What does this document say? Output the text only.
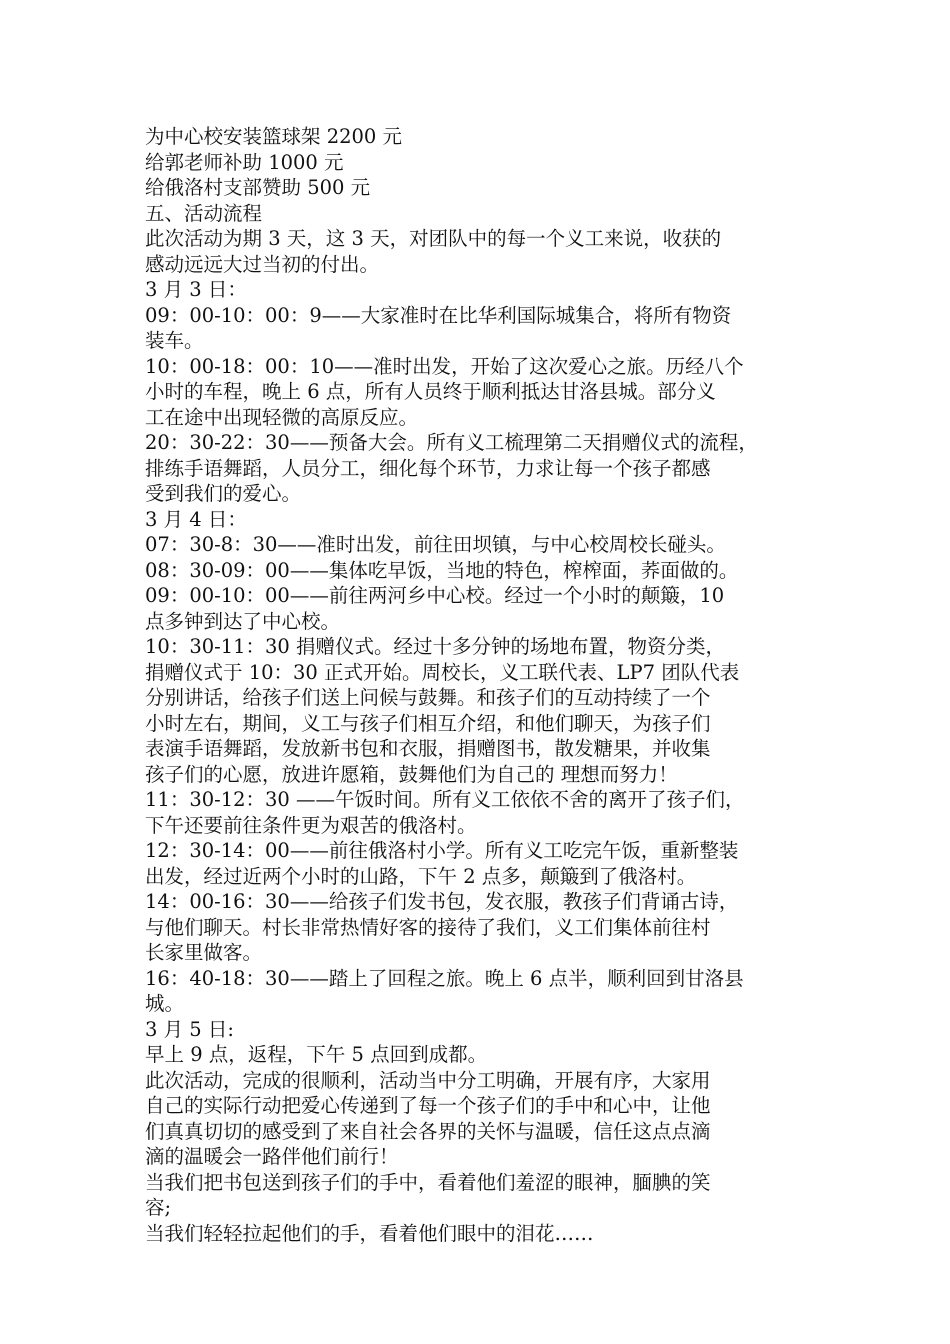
为中心校安装篮球架 2200 元
给郭老师补助 1000 元
给俄洛村支部赞助 500 元
五、活动流程
此次活动为期 3 天，这 3 天，对团队中的每一个义工来说，收获的
感动远远大过当初的付出。
3 月 3 日：
09：00-10：00：9——大家准时在比华利国际城集合，将所有物资
装车。
10：00-18：00：10——准时出发，开始了这次爱心之旅。历经八个
小时的车程，晚上 6 点，所有人员终于顺利抵达甘洛县城。部分义
工在途中出现轻微的高原反应。
20：30-22：30——预备大会。所有义工梳理第二天捐赠仪式的流程，
排练手语舞蹈，人员分工，细化每个环节，力求让每一个孩子都感
受到我们的爱心。
3 月 4 日：
07：30-8：30——准时出发，前往田坝镇，与中心校周校长碰头。
08：30-09：00——集体吃早饭，当地的特色，榨榨面，荞面做的。
09：00-10：00——前往两河乡中心校。经过一个小时的颠簸，10
点多钟到达了中心校。
10：30-11：30 捐赠仪式。经过十多分钟的场地布置，物资分类，
捐赠仪式于 10：30 正式开始。周校长，义工联代表、LP7 团队代表
分别讲话，给孩子们送上问候与鼓舞。和孩子们的互动持续了一个
小时左右，期间，义工与孩子们相互介绍，和他们聊天，为孩子们
表演手语舞蹈，发放新书包和衣服，捐赠图书，散发糖果，并收集
孩子们的心愿，放进许愿箱，鼓舞他们为自己的 理想而努力！
11：30-12：30 ——午饭时间。所有义工依依不舍的离开了孩子们，
下午还要前往条件更为艰苦的俄洛村。
12：30-14：00——前往俄洛村小学。所有义工吃完午饭，重新整装
出发，经过近两个小时的山路，下午 2 点多，颠簸到了俄洛村。
14：00-16：30——给孩子们发书包，发衣服，教孩子们背诵古诗，
与他们聊天。村长非常热情好客的接待了我们，义工们集体前往村
长家里做客。
16：40-18：30——踏上了回程之旅。晚上 6 点半，顺利回到甘洛县
城。
3 月 5 日:
早上 9 点，返程，下午 5 点回到成都。
此次活动，完成的很顺利，活动当中分工明确，开展有序，大家用
自己的实际行动把爱心传递到了每一个孩子们的手中和心中，让他
们真真切切的感受到了来自社会各界的关怀与温暖，信任这点点滴
滴的温暖会一路伴他们前行！
当我们把书包送到孩子们的手中，看着他们羞涩的眼神，腼腆的笑
容;
当我们轻轻拉起他们的手，看着他们眼中的泪花……
